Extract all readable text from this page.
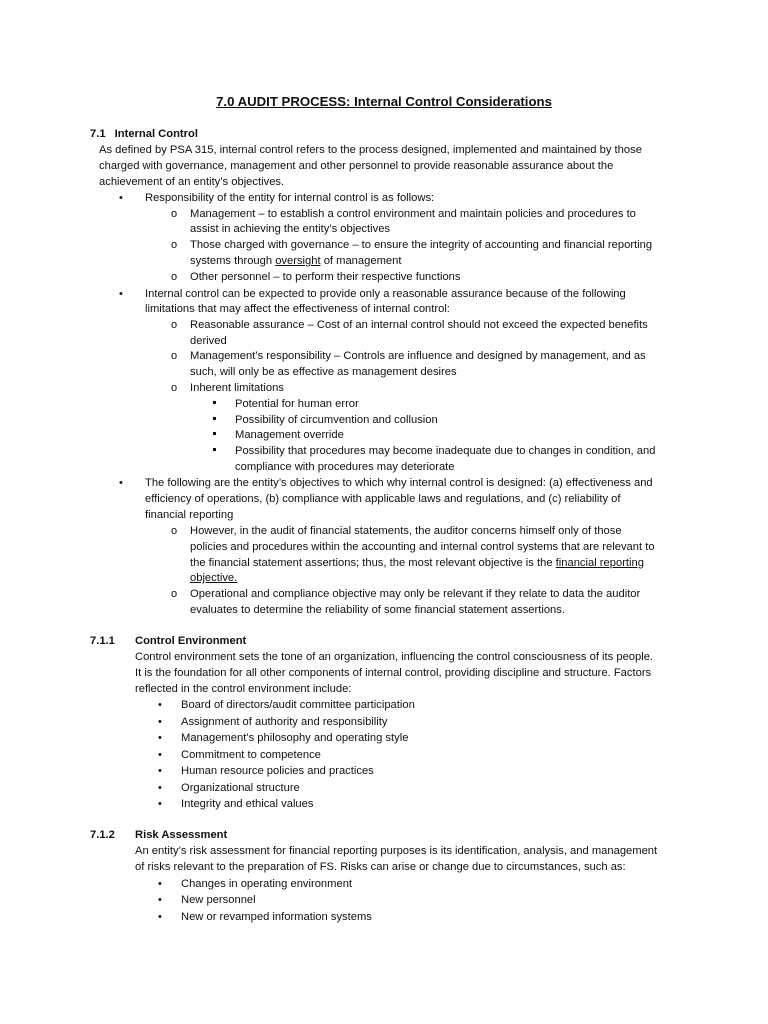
7.0 AUDIT PROCESS: Internal Control Considerations
7.1 Internal Control
As defined by PSA 315, internal control refers to the process designed, implemented and maintained by those
charged with governance, management and other personnel to provide reasonable assurance about the
achievement of an entity’s objectives.
• Responsibility of the entity for internal control is as follows:
o Management – to establish a control environment and maintain policies and procedures to
assist in achieving the entity’s objectives
o Those charged with governance – to ensure the integrity of accounting and financial reporting
systems through oversight of management
o Other personnel – to perform their respective functions
• Internal control can be expected to provide only a reasonable assurance because of the following
limitations that may affect the effectiveness of internal control:
o Reasonable assurance – Cost of an internal control should not exceed the expected benefits
derived
o Management’s responsibility – Controls are influence and designed by management, and as
such, will only be as effective as management desires
o Inherent limitations
Potential for human error
Possibility of circumvention and collusion
Management override
Possibility that procedures may become inadequate due to changes in condition, and
compliance with procedures may deteriorate
• The following are the entity’s objectives to which why internal control is designed: (a) effectiveness and
efficiency of operations, (b) compliance with applicable laws and regulations, and (c) reliability of
financial reporting
o However, in the audit of financial statements, the auditor concerns himself only of those
policies and procedures within the accounting and internal control systems that are relevant to
the financial statement assertions; thus, the most relevant objective is the financial reporting
objective.
o Operational and compliance objective may only be relevant if they relate to data the auditor
evaluates to determine the reliability of some financial statement assertions.
7.1.1 Control Environment
Control environment sets the tone of an organization, influencing the control consciousness of its people.
It is the foundation for all other components of internal control, providing discipline and structure. Factors
reflected in the control environment include:
• Board of directors/audit committee participation
• Assignment of authority and responsibility
• Management’s philosophy and operating style
• Commitment to competence
• Human resource policies and practices
• Organizational structure
• Integrity and ethical values
7.1.2 Risk Assessment
An entity’s risk assessment for financial reporting purposes is its identification, analysis, and management
of risks relevant to the preparation of FS. Risks can arise or change due to circumstances, such as:
• Changes in operating environment
• New personnel
• New or revamped information systems
